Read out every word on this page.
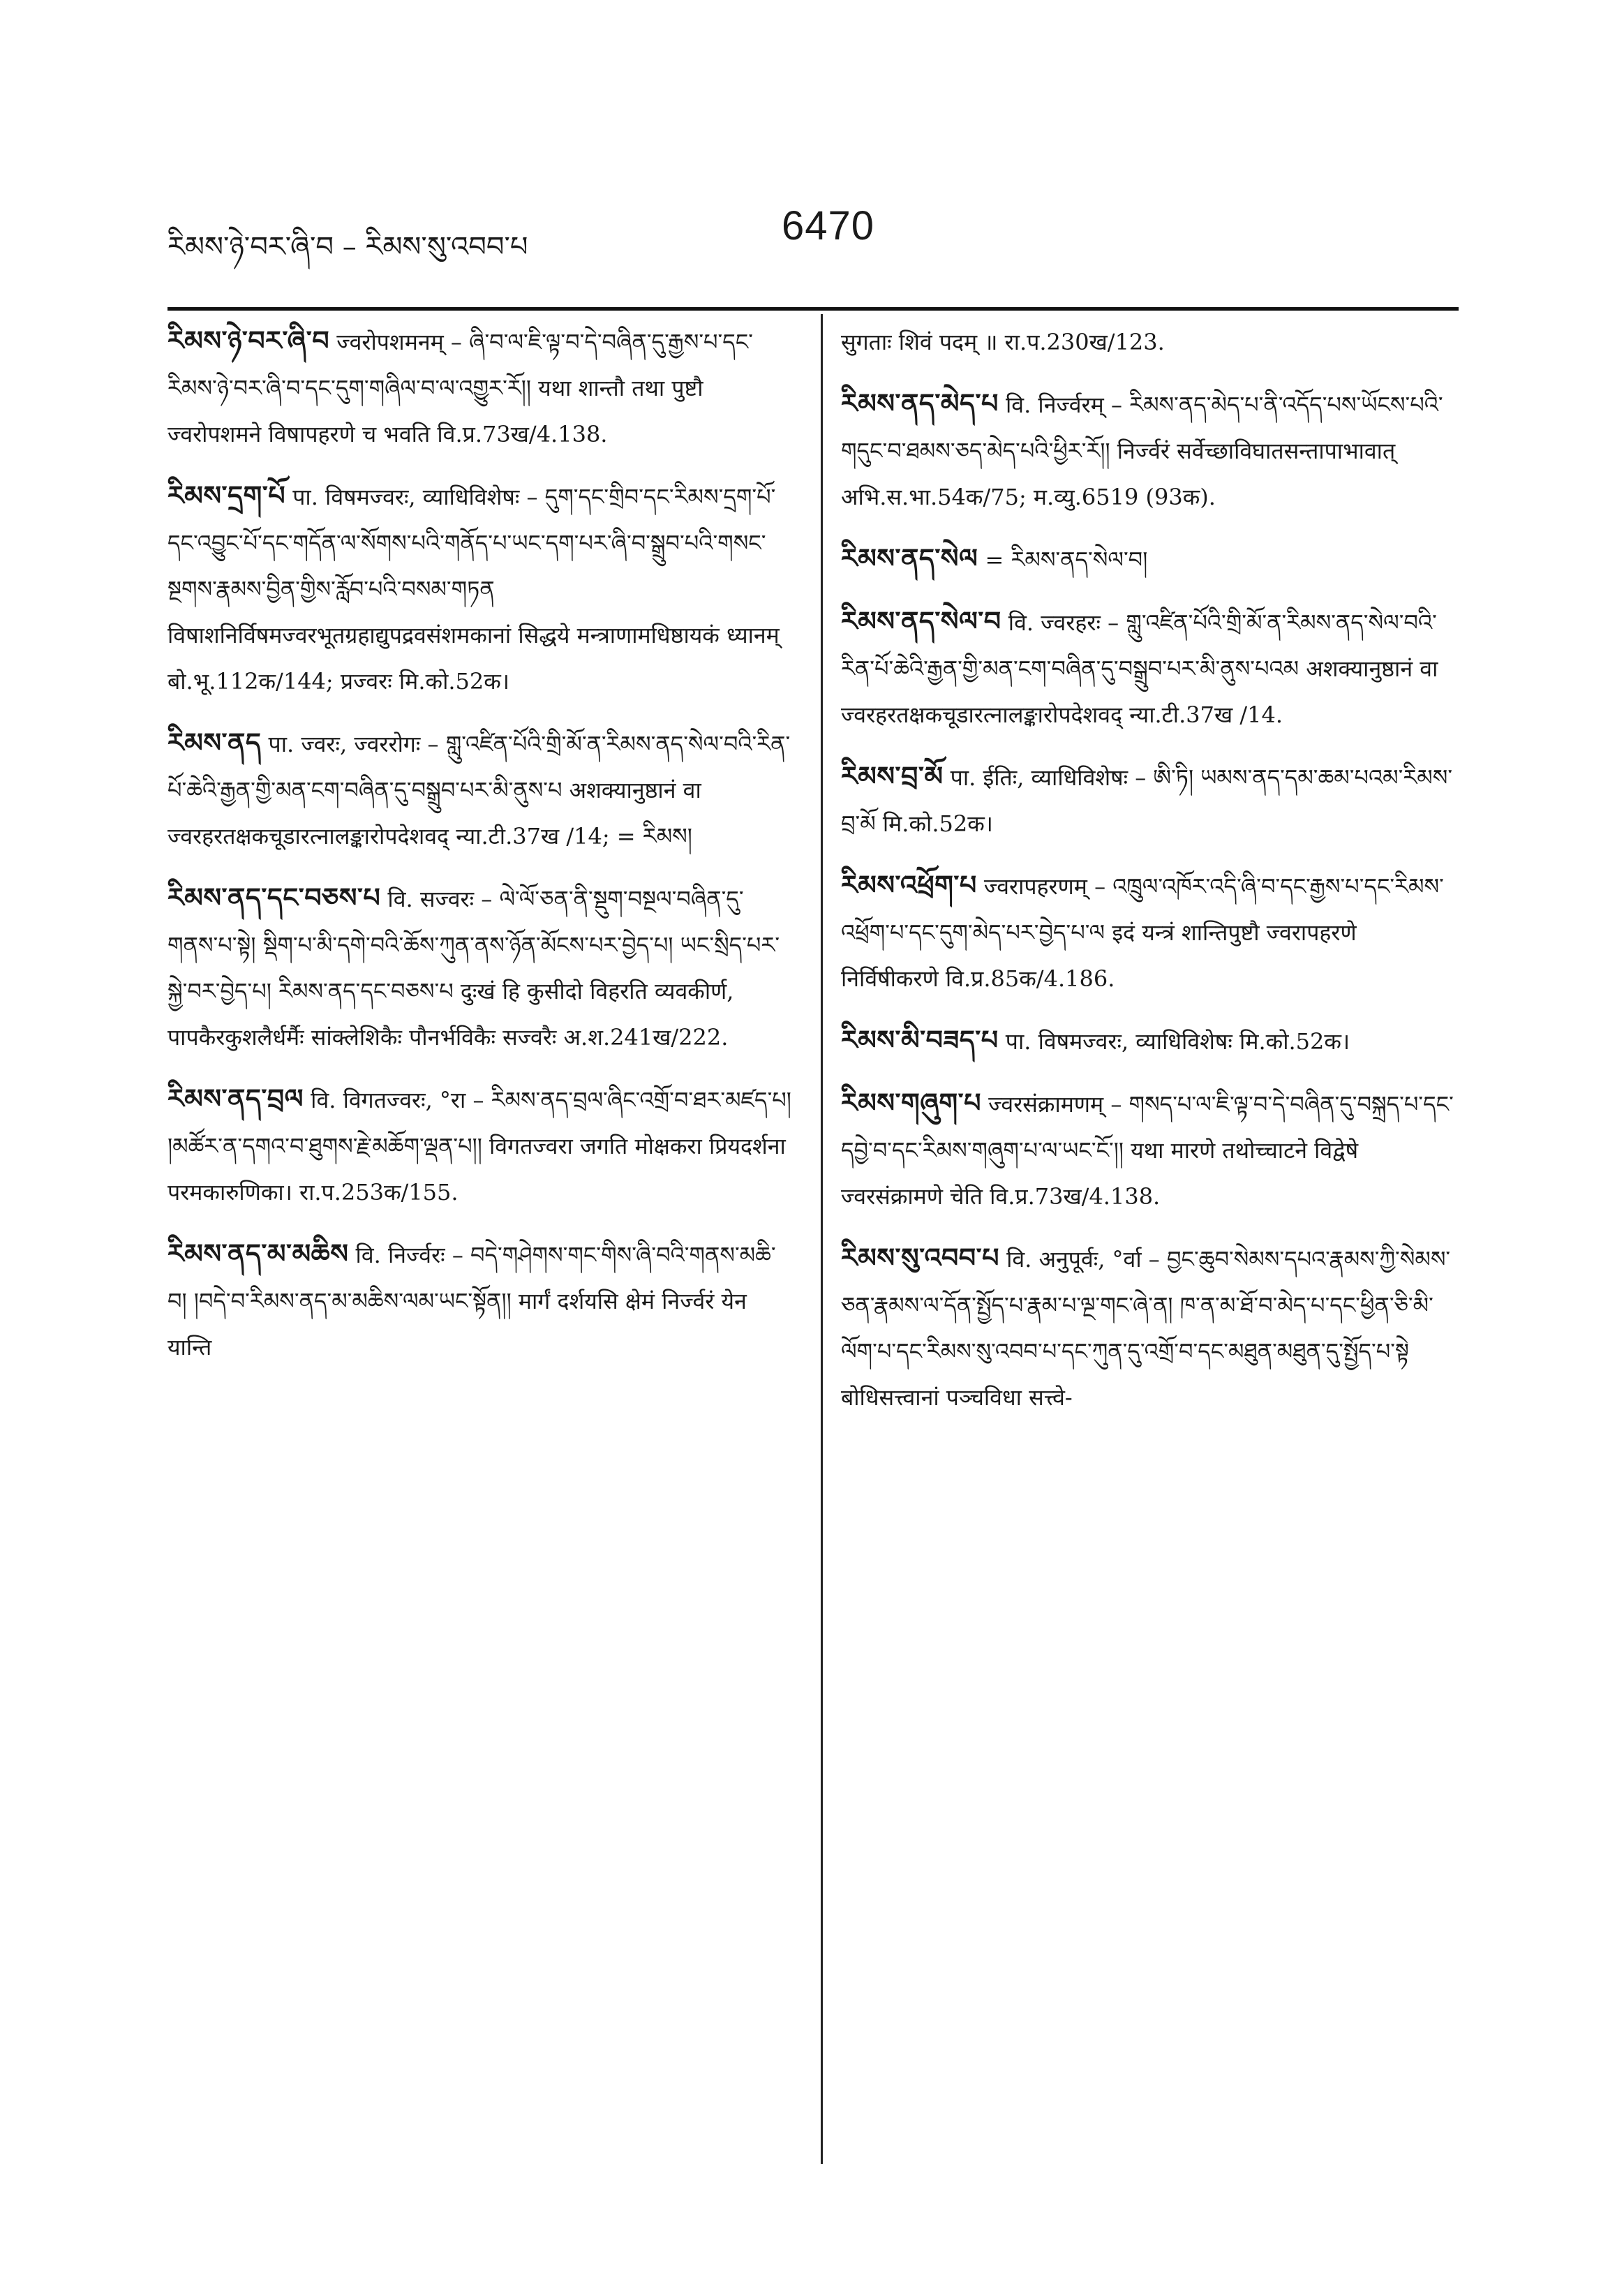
རིམས་ཉེ་བར་ཞི་བ – རིམས་སུ་འབབ་པ	6470

རིམས་ཉེ་བར་ཞི་བ ज्वरोपशमनम् – ཞི་བ་ལ་ཇི་ལྟ་བ་དེ་བཞིན་དུ་རྒྱས་པ་དང་རིམས་ཉེ་བར་ཞི་བ་དང་དུག་གཞིལ་བ་ལ་འགྱུར་རོ།། यथा शान्तौ तथा पुष्टौ ज्वरोपशमने विषापहरणे च भवति वि.प्र.73ख/4.138.

རིམས་དྲག་པོ पा. विषमज्वरः, व्याधिविशेषः – དུག་དང་གྲིབ་དང་རིམས་དྲག་པོ་དང་འབྱུང་པོ་དང་གདོན་ལ་སོགས་པའི་གནོད་པ་ཡང་དག་པར་ཞི་བ་སྒྲུབ་པའི་གསང་སྔགས་རྣམས་བྱིན་གྱིས་རློབ་པའི་བསམ་གཏན विषाशनिर्विषमज्वरभूतग्रहाद्युपद्रवसंशमकानां सिद्धये मन्त्राणामधिष्ठायकं ध्यानम् बो.भू.112क/144; प्रज्वरः मि.को.52क।

རིམས་ནད पा. ज्वरः, ज्वररोगः – གླུ་འཛིན་པོའི་གྲི་མོ་ན་རིམས་ནད་སེལ་བའི་རིན་པོ་ཆེའི་རྒྱན་གྱི་མན་ངག་བཞིན་དུ་བསྒྲུབ་པར་མི་ནུས་པ अशक्यानुष्ठानं वा ज्वरहरतक्षकचूडारत्नालङ्कारोपदेशवद् न्या.टी.37ख /14; = རིམས།

རིམས་ནད་དང་བཅས་པ वि. सज्वरः – ལེ་ལོ་ཅན་ནི་སྡུག་བསྔལ་བཞིན་དུ་གནས་པ་སྟེ། སྡིག་པ་མི་དགེ་བའི་ཆོས་ཀུན་ནས་ཉོན་མོངས་པར་བྱེད་པ། ཡང་སྲིད་པར་སྐྱེ་བར་བྱེད་པ། རིམས་ནད་དང་བཅས་པ दुःखं हि कुसीदो विहरति व्यवकीर्ण, पापकैरकुशलैर्धर्मैः सांक्लेशिकैः पौनर्भविकैः सज्वरैः अ.श.241ख/222.

རིམས་ནད་བྲལ वि. विगतज्वरः, °रा – རིམས་ནད་བྲལ་ཞིང་འགྲོ་བ་ཐར་མཛད་པ། །མཚོར་ན་དགའ་བ་ཐུགས་རྗེ་མཆོག་ལྡན་པ།། विगतज्वरा जगति मोक्षकरा प्रियदर्शना परमकारुणिका। रा.प.253क/155.

རིམས་ནད་མ་མཆིས वि. निर्ज्वरः – བདེ་གཤེགས་གང་གིས་ཞི་བའི་གནས་མཆི་བ། །བདེ་བ་རིམས་ནད་མ་མཆིས་ལམ་ཡང་སྟོན།། मार्गं दर्शयसि क्षेमं निर्ज्वरं येन यान्ति

सुगताः शिवं पदम् ॥ रा.प.230ख/123.

རིམས་ནད་མེད་པ वि. निर्ज्वरम् – རིམས་ནད་མེད་པ་ནི་འདོད་པས་ཡོངས་པའི་གདུང་བ་ཐམས་ཅད་མེད་པའི་ཕྱིར་རོ།། निर्ज्वरं सर्वेच्छाविघातसन्तापाभावात् अभि.स.भा.54क/75; म.व्यु.6519 (93क).

རིམས་ནད་སེལ = རིམས་ནད་སེལ་བ།

རིམས་ནད་སེལ་བ वि. ज्वरहरः – གླུ་འཛིན་པོའི་གྲི་མོ་ན་རིམས་ནད་སེལ་བའི་རིན་པོ་ཆེའི་རྒྱན་གྱི་མན་ངག་བཞིན་དུ་བསྒྲུབ་པར་མི་ནུས་པའམ अशक्यानुष्ठानं वा ज्वरहरतक्षकचूडारत्नालङ्कारोपदेशवद् न्या.टी.37ख /14.

རིམས་བྲ་མོ पा. ईतिः, व्याधिविशेषः – ཨི་ཏི། ཡམས་ནད་དམ་ཆམ་པའམ་རིམས་བྲ་མོ मि.को.52क।

རིམས་འཕྲོག་པ ज्वरापहरणम् – འཁྲུལ་འཁོར་འདི་ཞི་བ་དང་རྒྱས་པ་དང་རིམས་འཕྲོག་པ་དང་དུག་མེད་པར་བྱེད་པ་ལ इदं यन्त्रं शान्तिपुष्टौ ज्वरापहरणे निर्विषीकरणे वि.प्र.85क/4.186.

རིམས་མི་བཟད་པ पा. विषमज्वरः, व्याधिविशेषः मि.को.52क।

རིམས་གཞུག་པ ज्वरसंक्रामणम् – གསད་པ་ལ་ཇི་ལྟ་བ་དེ་བཞིན་དུ་བསྐྲད་པ་དང་དབྱེ་བ་དང་རིམས་གཞུག་པ་ལ་ཡང་ངོ་།། यथा मारणे तथोच्चाटने विद्वेषे ज्वरसंक्रामणे चेति वि.प्र.73ख/4.138.

རིམས་སུ་འབབ་པ वि. अनुपूर्वः, °र्वा – བྱང་ཆུབ་སེམས་དཔའ་རྣམས་ཀྱི་སེམས་ཅན་རྣམས་ལ་དོན་སྤྱོད་པ་རྣམ་པ་ལྔ་གང་ཞེ་ན། ཁ་ན་མ་ཐོ་བ་མེད་པ་དང་ཕྱིན་ཅི་མི་ལོག་པ་དང་རིམས་སུ་འབབ་པ་དང་ཀུན་དུ་འགྲོ་བ་དང་མཐུན་མཐུན་དུ་སྤྱོད་པ་སྟེ बोधिसत्त्वानां पञ्चविधा सत्त्वे-
